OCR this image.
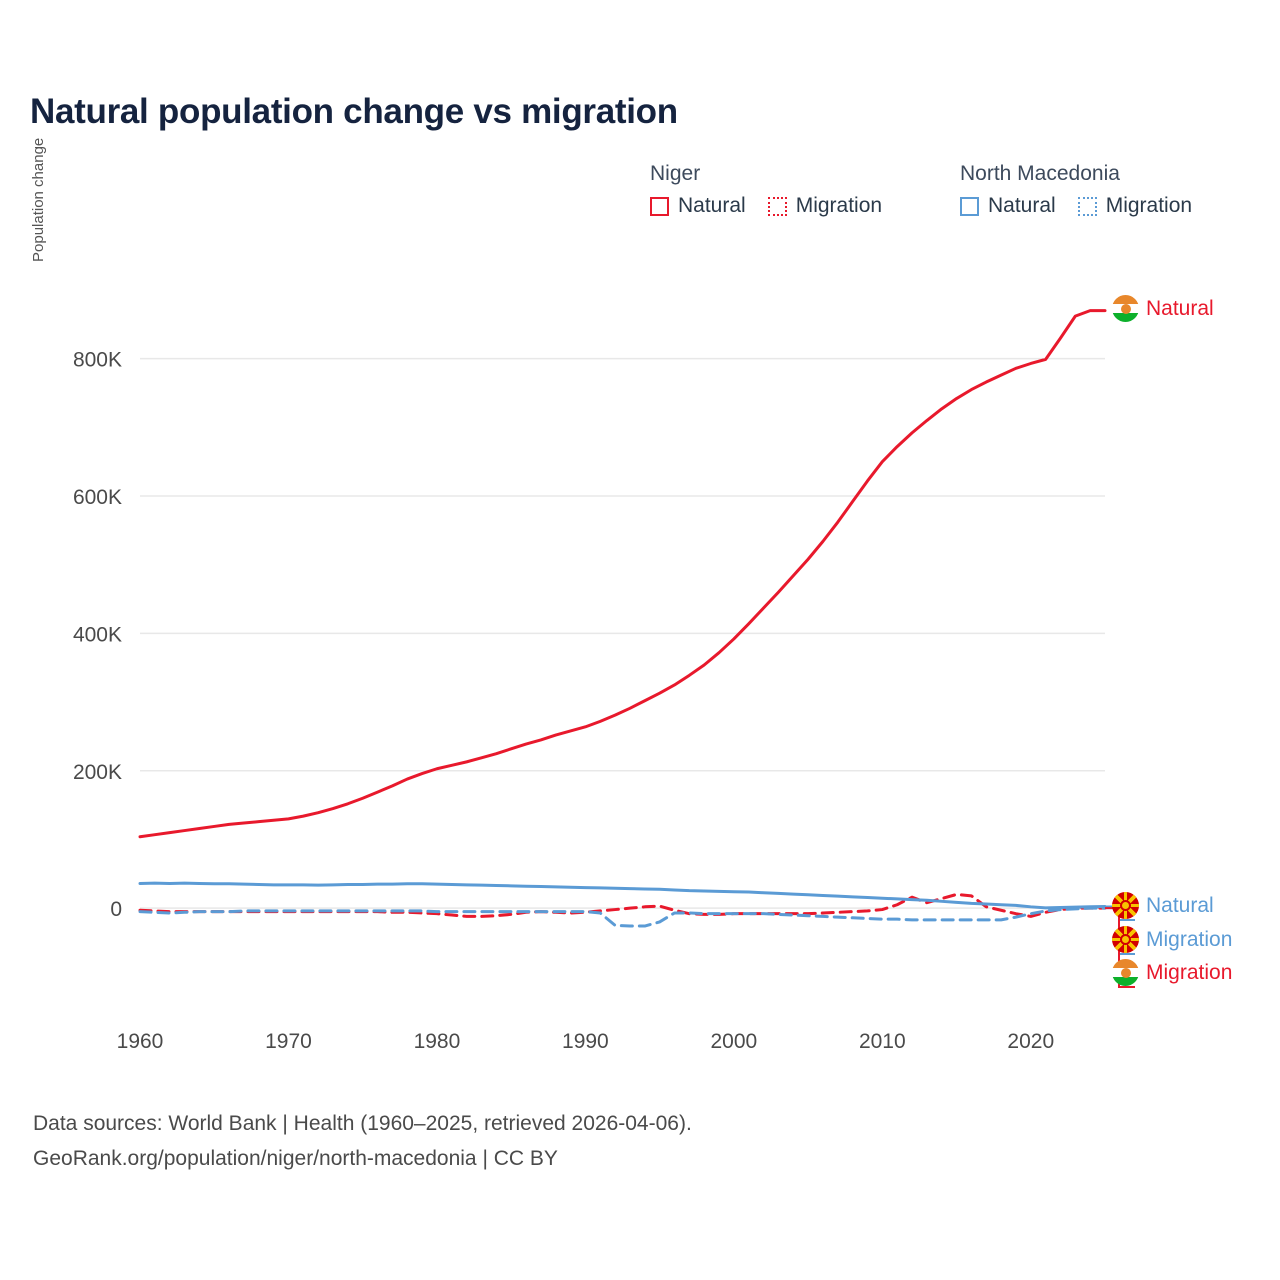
Natural population change vs migration
Niger
Natural Migration
North Macedonia
Natural Migration
Population change
0
200K
400K
600K
800K
1960	1970	1980	1990	2000	2010	2020
Natural
Natural
Migration
Migration
Data sources: World Bank | Health (1960–2025, retrieved 2026-04-06).
GeoRank.org/population/niger/north-macedonia | CC BY
